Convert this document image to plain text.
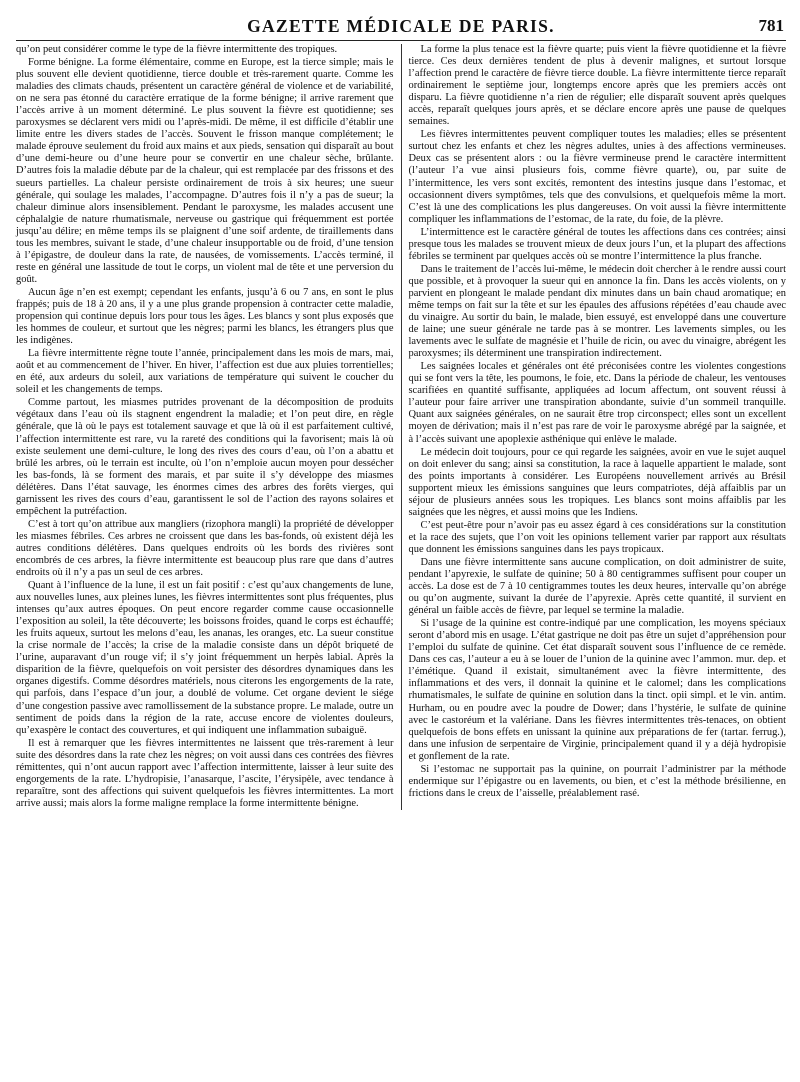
GAZETTE MÉDICALE DE PARIS.	781

qu’on peut considérer comme le type de la fièvre intermittente des tropiques.

Forme bénigne. La forme élémentaire, comme en Europe, est la tierce simple; mais le plus souvent elle devient quotidienne, tierce double et très-rarement quarte. Comme les maladies des climats chauds, présentent un caractère général de violence et de variabilité, on ne sera pas étonné du caractère erratique de la forme bénigne; il arrive rarement que l’accès arrive à un moment déterminé. Le plus souvent la fièvre est quotidienne; ses paroxysmes se déclarent vers midi ou l’après-midi. De même, il est difficile d’établir une limite entre les divers stades de l’accès. Souvent le frisson manque complétement; le malade éprouve seulement du froid aux mains et aux pieds, sensation qui disparaît au bout d’une demi-heure ou d’une heure pour se convertir en une chaleur sèche, brûlante. D’autres fois la maladie débute par de la chaleur, qui est remplacée par des frissons et des sueurs partielles. La chaleur persiste ordinairement de trois à six heures; une sueur générale, qui soulage les malades, l’accompagne. D’autres fois il n’y a pas de sueur; la chaleur diminue alors insensiblement. Pendant le paroxysme, les malades accusent une céphalalgie de nature rhumatismale, nerveuse ou gastrique qui fréquemment est portée jusqu’au délire; en même temps ils se plaignent d’une soif ardente, de tiraillements dans tous les membres, suivant le stade, d’une chaleur insupportable ou de froid, d’une tension à l’épigastre, de douleur dans la rate, de nausées, de vomissements. L’accès terminé, il reste en général une lassitude de tout le corps, un violent mal de tête et une perversion du goût.

Aucun âge n’en est exempt; cependant les enfants, jusqu’à 6 ou 7 ans, en sont le plus frappés; puis de 18 à 20 ans, il y a une plus grande propension à contracter cette maladie, propension qui continue depuis lors pour tous les âges. Les blancs y sont plus exposés que les hommes de couleur, et surtout que les nègres; parmi les blancs, les étrangers plus que les indigènes.

La fièvre intermittente règne toute l’année, principalement dans les mois de mars, mai, août et au commencement de l’hiver. En hiver, l’affection est due aux pluies torrentielles; en été, aux ardeurs du soleil, aux variations de température qui suivent le coucher du soleil et les changements de temps.

Comme partout, les miasmes putrides provenant de la décomposition de produits végétaux dans l’eau où ils stagnent engendrent la maladie; et l’on peut dire, en règle générale, que là où le pays est totalement sauvage et que là où il est parfaitement cultivé, l’affection intermittente est rare, vu la rareté des conditions qui la favorisent; mais là où existe seulement une demi-culture, le long des rives des cours d’eau, où l’on a abattu et brûlé les arbres, où le terrain est inculte, où l’on n’emploie aucun moyen pour dessécher les bas-fonds, là se forment des marais, et par suite il s’y développe des miasmes délétères. Dans l’état sauvage, les énormes cimes des arbres des forêts vierges, qui garnissent les rives des cours d’eau, garantissent le sol de l’action des rayons solaires et empêchent la putréfaction.

C’est à tort qu’on attribue aux mangliers (rizophora mangli) la propriété de développer les miasmes fébriles. Ces arbres ne croissent que dans les bas-fonds, où existent déjà les autres conditions délétères. Dans quelques endroits où les bords des rivières sont encombrés de ces arbres, la fièvre intermittente est beaucoup plus rare que dans d’autres endroits où il n’y a pas un seul de ces arbres.

Quant à l’influence de la lune, il est un fait positif : c’est qu’aux changements de lune, aux nouvelles lunes, aux pleines lunes, les fièvres intermittentes sont plus fréquentes, plus intenses qu’aux autres époques. On peut encore regarder comme cause occasionnelle l’exposition au soleil, la tête découverte; les boissons froides, quand le corps est échauffé; les fruits aqueux, surtout les melons d’eau, les ananas, les oranges, etc. La sueur constitue la crise normale de l’accès; la crise de la maladie consiste dans un dépôt briqueté de l’urine, auparavant d’un rouge vif; il s’y joint fréquemment un herpès labial. Après la disparition de la fièvre, quelquefois on voit persister des désordres dynamiques dans les organes digestifs. Comme désordres matériels, nous citerons les engorgements de la rate, qui parfois, dans l’espace d’un jour, a doublé de volume. Cet organe devient le siége d’une congestion passive avec ramollissement de la substance propre. Le malade, outre un sentiment de poids dans la région de la rate, accuse encore de violentes douleurs, qu’exaspère le contact des couvertures, et qui indiquent une inflammation subaiguë.

Il est à remarquer que les fièvres intermittentes ne laissent que très-rarement à leur suite des désordres dans la rate chez les nègres; on voit aussi dans ces contrées des fièvres rémittentes, qui n’ont aucun rapport avec l’affection intermittente, laisser à leur suite des engorgements de la rate. L’hydropisie, l’anasarque, l’ascite, l’érysipèle, avec tendance à reparaître, sont des affections qui suivent quelquefois les fièvres intermittentes. La mort arrive aussi; mais alors la forme maligne remplace la forme intermittente bénigne.

La forme la plus tenace est la fièvre quarte; puis vient la fièvre quotidienne et la fièvre tierce. Ces deux dernières tendent de plus à devenir malignes, et surtout lorsque l’affection prend le caractère de fièvre tierce double. La fièvre intermittente tierce reparaît ordinairement le septième jour, longtemps encore après que les premiers accès ont disparu. La fièvre quotidienne n’a rien de régulier; elle disparaît souvent après quelques accès, reparaît quelques jours après, et se déclare encore après une pause de quelques semaines.

Les fièvres intermittentes peuvent compliquer toutes les maladies; elles se présentent surtout chez les enfants et chez les nègres adultes, unies à des affections vermineuses. Deux cas se présentent alors : ou la fièvre vermineuse prend le caractère intermittent (l’auteur l’a vue ainsi plusieurs fois, comme fièvre quarte), ou, par suite de l’intermittence, les vers sont excités, remontent des intestins jusque dans l’estomac, et occasionnent divers symptômes, tels que des convulsions, et quelquefois même la mort. C’est là une des complications les plus dangereuses. On voit aussi la fièvre intermittente compliquer les inflammations de l’estomac, de la rate, du foie, de la plèvre.

L’intermittence est le caractère général de toutes les affections dans ces contrées; ainsi presque tous les malades se trouvent mieux de deux jours l’un, et la plupart des affections fébriles se terminent par quelques accès où se montre l’intermittence la plus franche.

Dans le traitement de l’accès lui-même, le médecin doit chercher à le rendre aussi court que possible, et à provoquer la sueur qui en annonce la fin. Dans les accès violents, on y parvient en plongeant le malade pendant dix minutes dans un bain chaud aromatique; en même temps on fait sur la tête et sur les épaules des affusions répétées d’eau chaude avec du vinaigre. Au sortir du bain, le malade, bien essuyé, est enveloppé dans une couverture de laine; une sueur générale ne tarde pas à se montrer. Les lavements simples, ou les lavements avec le sulfate de magnésie et l’huile de ricin, ou avec du vinaigre, abrégent les paroxysmes; ils déterminent une transpiration indirectement.

Les saignées locales et générales ont été préconisées contre les violentes congestions qui se font vers la tête, les poumons, le foie, etc. Dans la période de chaleur, les ventouses scarifiées en quantité suffisante, appliquées ad locum affectum, ont souvent réussi à l’auteur pour faire arriver une transpiration abondante, suivie d’un sommeil tranquille. Quant aux saignées générales, on ne saurait être trop circonspect; elles sont un excellent moyen de dérivation; mais il n’est pas rare de voir le paroxysme abrégé par la saignée, et à l’accès suivant une apoplexie asthénique qui enlève le malade.

Le médecin doit toujours, pour ce qui regarde les saignées, avoir en vue le sujet auquel on doit enlever du sang; ainsi sa constitution, la race à laquelle appartient le malade, sont des points importants à considérer. Les Européens nouvellement arrivés au Brésil supportent mieux les émissions sanguines que leurs compatriotes, déjà affaiblis par un séjour de plusieurs années sous les tropiques. Les blancs sont moins affaiblis par les saignées que les nègres, et aussi moins que les Indiens.

C’est peut-être pour n’avoir pas eu assez égard à ces considérations sur la constitution et la race des sujets, que l’on voit les opinions tellement varier par rapport aux résultats que donnent les émissions sanguines dans les pays tropicaux.

Dans une fièvre intermittente sans aucune complication, on doit administrer de suite, pendant l’apyrexie, le sulfate de quinine; 50 à 80 centigrammes suffisent pour couper un accès. La dose est de 7 à 10 centigrammes toutes les deux heures, intervalle qu’on abrége ou qu’on augmente, suivant la durée de l’apyrexie. Après cette quantité, il survient en général un faible accès de fièvre, par lequel se termine la maladie.

Si l’usage de la quinine est contre-indiqué par une complication, les moyens spéciaux seront d’abord mis en usage. L’état gastrique ne doit pas être un sujet d’appréhension pour l’emploi du sulfate de quinine. Cet état disparaît souvent sous l’influence de ce remède. Dans ces cas, l’auteur a eu à se louer de l’union de la quinine avec l’ammon. mur. dep. et l’émétique. Quand il existait, simultanément avec la fièvre intermittente, des inflammations et des vers, il donnait la quinine et le calomel; dans les complications rhumatismales, le sulfate de quinine en solution dans la tinct. opii simpl. et le vin. antim. Hurham, ou en poudre avec la poudre de Dower; dans l’hystérie, le sulfate de quinine avec le castoréum et la valériane. Dans les fièvres intermittentes très-tenaces, on obtient quelquefois de bons effets en unissant la quinine aux préparations de fer (tartar. ferrug.), dans une infusion de serpentaire de Virginie, principalement quand il y a déjà hydropisie et gonflement de la rate.

Si l’estomac ne supportait pas la quinine, on pourrait l’administrer par la méthode endermique sur l’épigastre ou en lavements, ou bien, et c’est la méthode brésilienne, en frictions dans le creux de l’aisselle, préalablement rasé.
